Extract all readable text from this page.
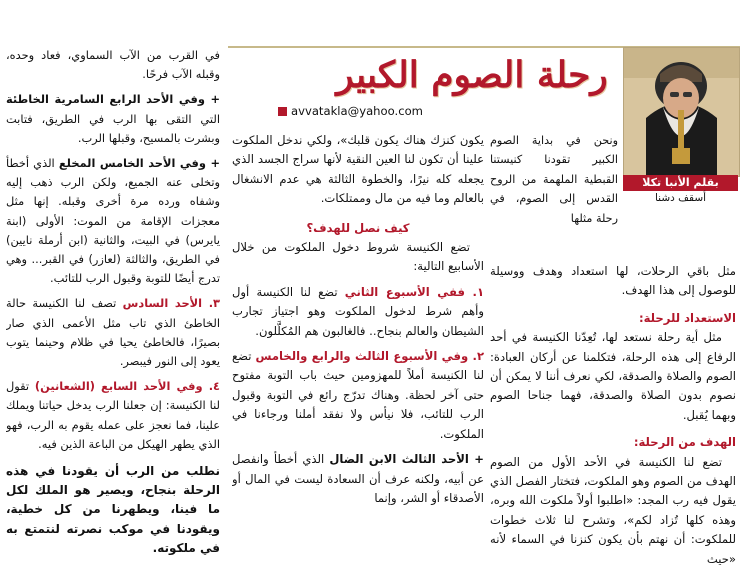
رحلة الصوم الكبير
avvatakla@yahoo.com
بقلم الأنبا تكلا
أسقف دشنا

ونحن في بداية الصوم الكبير تقودنا كنيستنا القبطية الملهمة من الروح القدس إلى الصوم، في رحلة مثلها

مثل باقي الرحلات، لها استعداد وهدف ووسيلة للوصول إلى هذا الهدف.

الاستعداد للرحلة:

مثل أية رحلة نستعد لها، تُعِدّنا الكنيسة في أحد الرفاع إلى هذه الرحلة، فتكلمنا عن أركان العبادة: الصوم والصلاة والصدقة، لكي نعرف أننا لا يمكن أن نصوم بدون الصلاة والصدقة، فهما جناحا الصوم وبهما يُقبل.

الهدف من الرحلة:

تضع لنا الكنيسة في الأحد الأول من الصوم الهدف من الصوم وهو الملكوت، فتختار الفصل الذي يقول فيه رب المجد: «اطلبوا أولاً ملكوت الله وبره، وهذه كلها تُزاد لكم»، وتشرح لنا ثلاث خطوات للملكوت: أن نهتم بأن يكون كنزنا في السماء لأنه «حيث

يكون كنزك هناك يكون قلبك»، ولكي ندخل الملكوت علينا أن تكون لنا العين النقية لأنها سراج الجسد الذي يجعله كله نيرًا، والخطوة الثالثة هي عدم الانشغال بالعالم وما فيه من مال وممتلكات.

كيف نصل للهدف؟

تضع الكنيسة شروط دخول الملكوت من خلال الأسابيع التالية:

١. ففي الأسبوع الثاني تضع لنا الكنيسة أول وأهم شرط لدخول الملكوت وهو اجتياز تجارب الشيطان والعالم بنجاح.. فالغالبون هم المُكلَّلون.

٢. وفي الأسبوع الثالث والرابع والخامس تضع لنا الكنيسة أملاً للمهزومين حيث باب التوبة مفتوح حتى آخر لحظة. وهناك تدرّج رائع في التوبة وقبول الرب للتائب، فلا نيأس ولا نفقد أملنا ورجاءنا في الملكوت.

+ الأحد الثالث الابن الضال الذي أخطأ وانفصل عن أبيه، ولكنه عرف أن السعادة ليست في المال أو الأصدقاء أو الشر، وإنما

في القرب من الآب السماوي، فعاد وحده، وقبله الآب فرحًا.

+ وفي الأحد الرابع السامرية الخاطئة التي التقى بها الرب في الطريق، فتابت وبشرت بالمسيح، وقبلها الرب.

+ وفي الأحد الخامس المخلع الذي أخطأ وتخلى عنه الجميع، ولكن الرب ذهب إليه وشفاه ورده مرة أخرى وقبله. إنها مثل معجزات الإقامة من الموت: الأولى (ابنة يايرس) في البيت، والثانية (ابن أرملة نايين) في الطريق، والثالثة (لعازر) في القبر... وهي تدرج أيضًا للتوبة وقبول الرب للتائب.

٣. الأحد السادس تصف لنا الكنيسة حالة الخاطئ الذي تاب مثل الأعمى الذي صار بصيرًا، فالخاطئ يحيا في ظلام وحينما يتوب يعود إلى النور فيبصر.

٤. وفي الأحد السابع (الشعانين) تقول لنا الكنيسة: إن جعلنا الرب يدخل حياتنا ويملك علينا، فما نعجز على عمله يقوم به الرب، فهو الذي يطهر الهيكل من الباعة الذين فيه.

نطلب من الرب أن يقودنا في هذه الرحلة بنجاح، ويصير هو الملك لكل ما فينا، ويطهرنا من كل خطية، ويقودنا في موكب نصرته لنتمتع به في ملكوته.
